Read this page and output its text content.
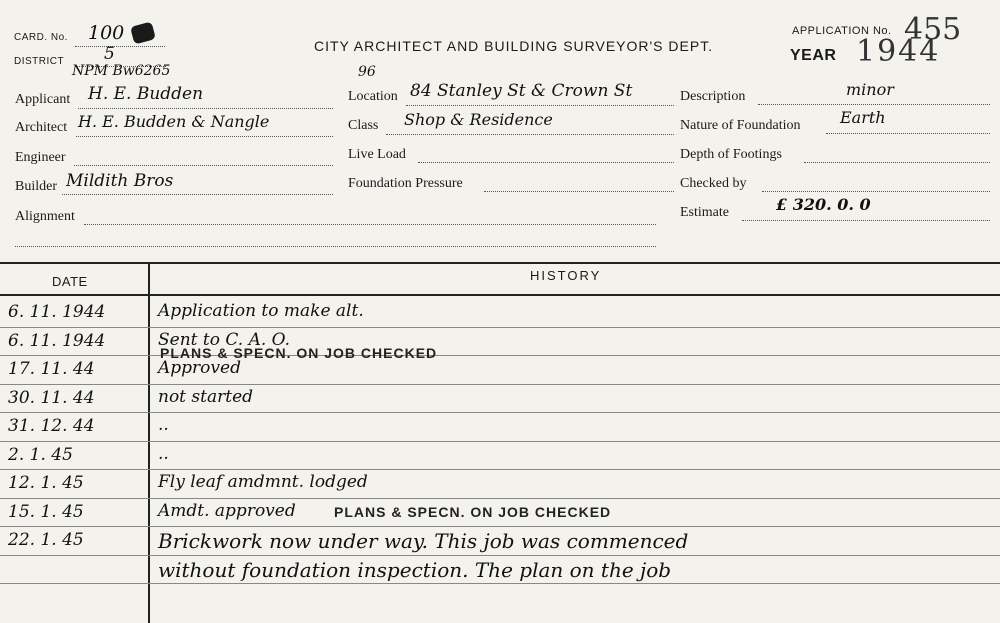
CARD. No. 100
DISTRICT 5	CITY ARCHITECT AND BUILDING SURVEYOR'S DEPT.
APPLICATION No. 455
YEAR 1944
NPM Bw6265	96
Applicant H. E. Budden
Architect H. E. Budden & Nangle
Engineer
Builder Mildith Bros
Alignment
Location 84 Stanley St & Crown St
Class Shop & Residence
Live Load
Foundation Pressure
Description	minor
Nature of Foundation Earth
Depth of Footings
Checked by
Estimate	£ 320. 0. 0
DATE	HISTORY
6. 11. 1944	Application to make alt.
6. 11. 1944	Sent to C. A. O.
17. 11. 44	Approved
PLANS & SPECN. ON JOB CHECKED
30. 11. 44	not started
31. 12. 44	..
2. 1. 45	..
12. 1. 45	Fly leaf amdmnt. lodged
15. 1. 45	Amdt. approved	PLANS & SPECN. ON JOB CHECKED
22. 1. 45	Brickwork now under way. This job was commenced
without foundation inspection. The plan on the job
